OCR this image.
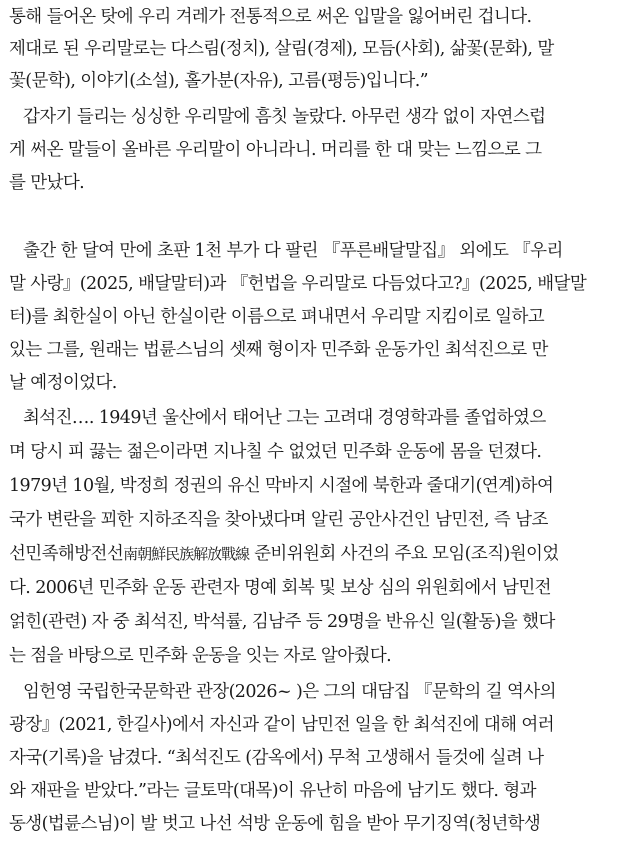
통해 들어온 탓에 우리 겨레가 전통적으로 써온 입말을 잃어버린 겁니다.
제대로 된 우리말로는 다스림(정치), 살림(경제), 모듬(사회), 삶꽃(문화), 말
꽃(문학), 이야기(소설), 홀가분(자유), 고름(평등)입니다.”
갑자기 들리는 싱싱한 우리말에 흠칫 놀랐다. 아무런 생각 없이 자연스럽
게 써온 말들이 올바른 우리말이 아니라니. 머리를 한 대 맞는 느낌으로 그
를 만났다.
출간 한 달여 만에 초판 1천 부가 다 팔린 『푸른배달말집』 외에도 『우리
말 사랑』(2025, 배달말터)과 『헌법을 우리말로 다듬었다고?』(2025, 배달말
터)를 최한실이 아닌 한실이란 이름으로 펴내면서 우리말 지킴이로 일하고
있는 그를, 원래는 법륜스님의 셋째 형이자 민주화 운동가인 최석진으로 만
날 예정이었다.
최석진…. 1949년 울산에서 태어난 그는 고려대 경영학과를 졸업하였으
며 당시 피 끓는 젊은이라면 지나칠 수 없었던 민주화 운동에 몸을 던졌다.
1979년 10월, 박정희 정권의 유신 막바지 시절에 북한과 줄대기(연계)하여
국가 변란을 꾀한 지하조직을 찾아냈다며 알린 공안사건인 남민전, 즉 남조
선민족해방전선南朝鮮民族解放戰線 준비위원회 사건의 주요 모임(조직)원이었
다. 2006년 민주화 운동 관련자 명예 회복 및 보상 심의 위원회에서 남민전
얽힌(관련) 자 중 최석진, 박석률, 김남주 등 29명을 반유신 일(활동)을 했다
는 점을 바탕으로 민주화 운동을 잇는 자로 알아줬다.
임헌영 국립한국문학관 관장(2026~ )은 그의 대담집 『문학의 길 역사의
광장』(2021, 한길사)에서 자신과 같이 남민전 일을 한 최석진에 대해 여러
자국(기록)을 남겼다. “최석진도 (감옥에서) 무척 고생해서 들것에 실려 나
와 재판을 받았다.”라는 글토막(대목)이 유난히 마음에 남기도 했다. 형과
동생(법륜스님)이 발 벗고 나선 석방 운동에 힘을 받아 무기징역(청년학생
